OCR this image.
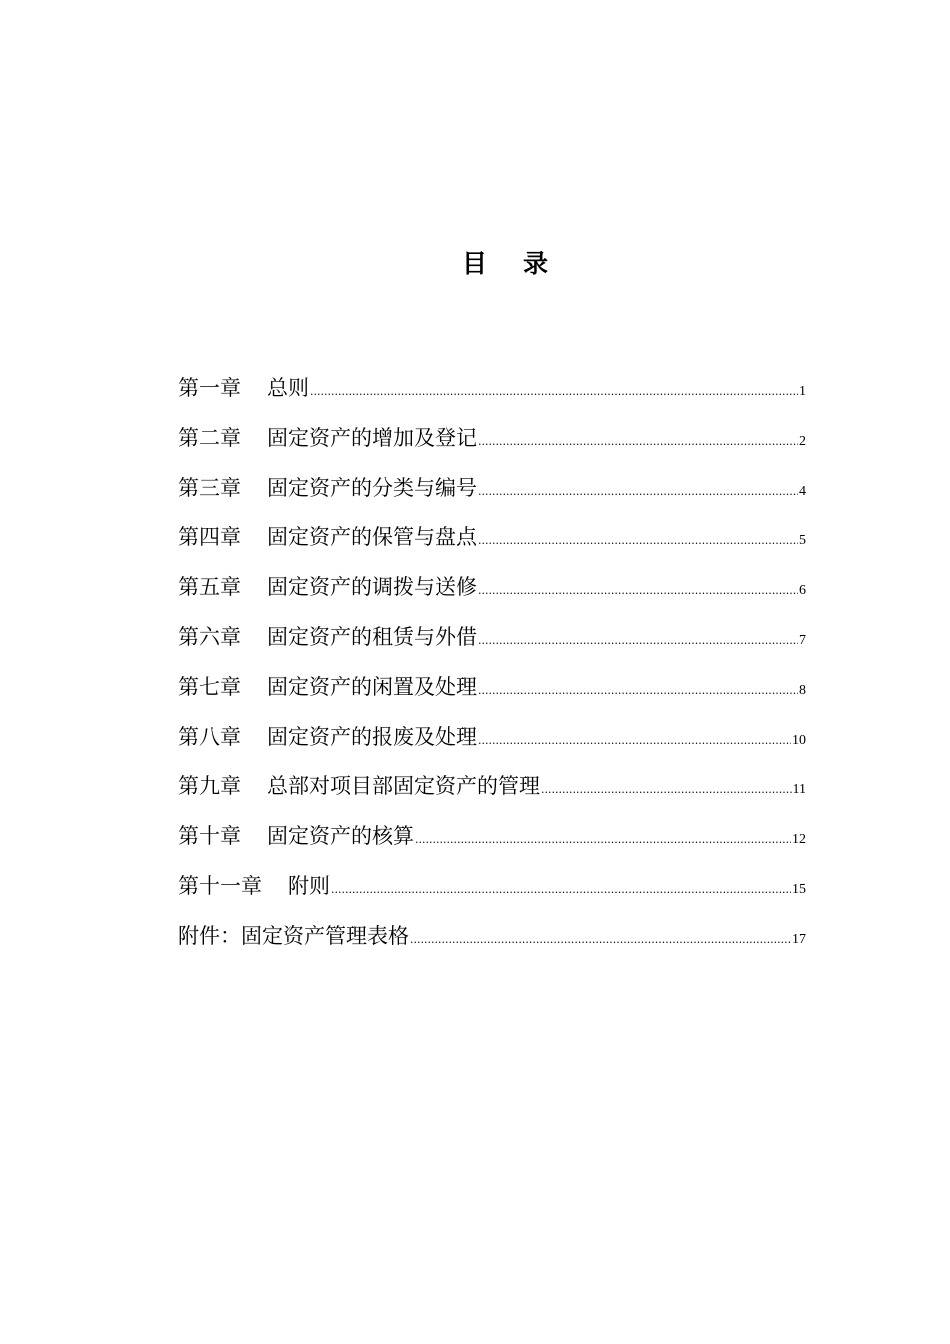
目 录
第一章 总则 .....	1
第二章 固定资产的增加及登记 .....	2
第三章 固定资产的分类与编号 .....	4
第四章 固定资产的保管与盘点 .....	5
第五章 固定资产的调拨与送修 .....	6
第六章 固定资产的租赁与外借 .....	7
第七章 固定资产的闲置及处理 .....	8
第八章 固定资产的报废及处理 .....	10
第九章 总部对项目部固定资产的管理 .....	11
第十章 固定资产的核算 .....	12
第十一章 附则 .....	15
附件： 固定资产管理表格 .....	17
